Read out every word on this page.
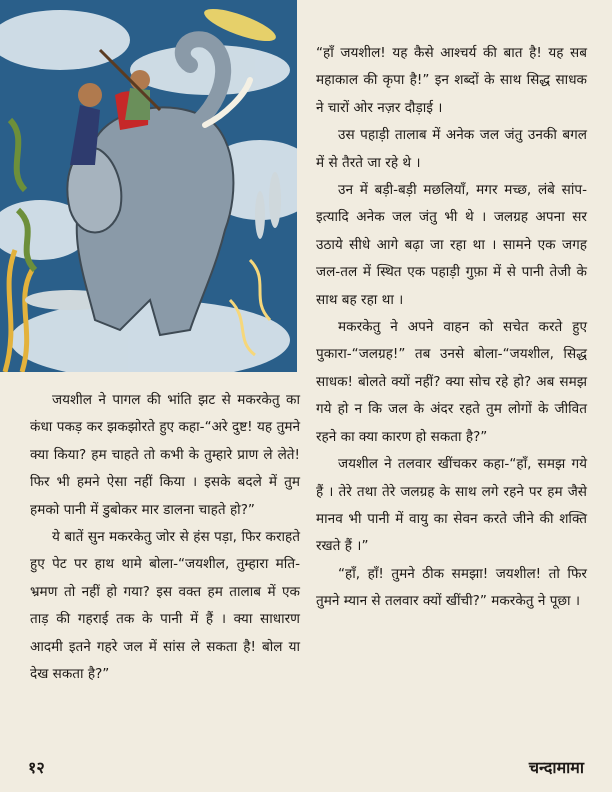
“हाँ जयशील! यह कैसे आश्चर्य की बात है! यह सब महाकाल की कृपा है!” इन शब्दों के साथ सिद्ध साधक ने चारों ओर नज़र दौड़ाई ।

उस पहाड़ी तालाब में अनेक जल जंतु उनकी बगल में से तैरते जा रहे थे ।

उन में बड़ी-बड़ी मछलियाँ, मगर मच्छ, लंबे सांप-इत्यादि अनेक जल जंतु भी थे । जलग्रह अपना सर उठाये सीधे आगे बढ़ा जा रहा था । सामने एक जगह जल-तल में स्थित एक पहाड़ी गुफ़ा में से पानी तेजी के साथ बह रहा था ।

मकरकेतु ने अपने वाहन को सचेत करते हुए पुकारा-“जलग्रह!” तब उनसे बोला-“जयशील, सिद्ध साधक! बोलते क्यों नहीं? क्या सोच रहे हो? अब समझ गये हो न कि जल के अंदर रहते तुम लोगों के जीवित रहने का क्या कारण हो सकता है?”

जयशील ने तलवार खींचकर कहा-“हाँ, समझ गये हैं । तेरे तथा तेरे जलग्रह के साथ लगे रहने पर हम जैसे मानव भी पानी में वायु का सेवन करते जीने की शक्ति रखते हैं ।”

“हाँ, हाँ! तुमने ठीक समझा! जयशील! तो फिर तुमने म्यान से तलवार क्यों खींची?” मकरकेतु ने पूछा ।

जयशील ने पागल की भांति झट से मकरकेतु का कंधा पकड़ कर झकझोरते हुए कहा-“अरे दुष्ट! यह तुमने क्या किया? हम चाहते तो कभी के तुम्हारे प्राण ले लेते! फिर भी हमने ऐसा नहीं किया । इसके बदले में तुम हमको पानी में डुबोकर मार डालना चाहते हो?”

ये बातें सुन मकरकेतु जोर से हंस पड़ा, फिर कराहते हुए पेट पर हाथ थामे बोला-“जयशील, तुम्हारा मति-भ्रमण तो नहीं हो गया? इस वक्त हम तालाब में एक ताड़ की गहराई तक के पानी में हैं । क्या साधारण आदमी इतने गहरे जल में सांस ले सकता है! बोल या देख सकता है?”

१२	चन्दामामा
